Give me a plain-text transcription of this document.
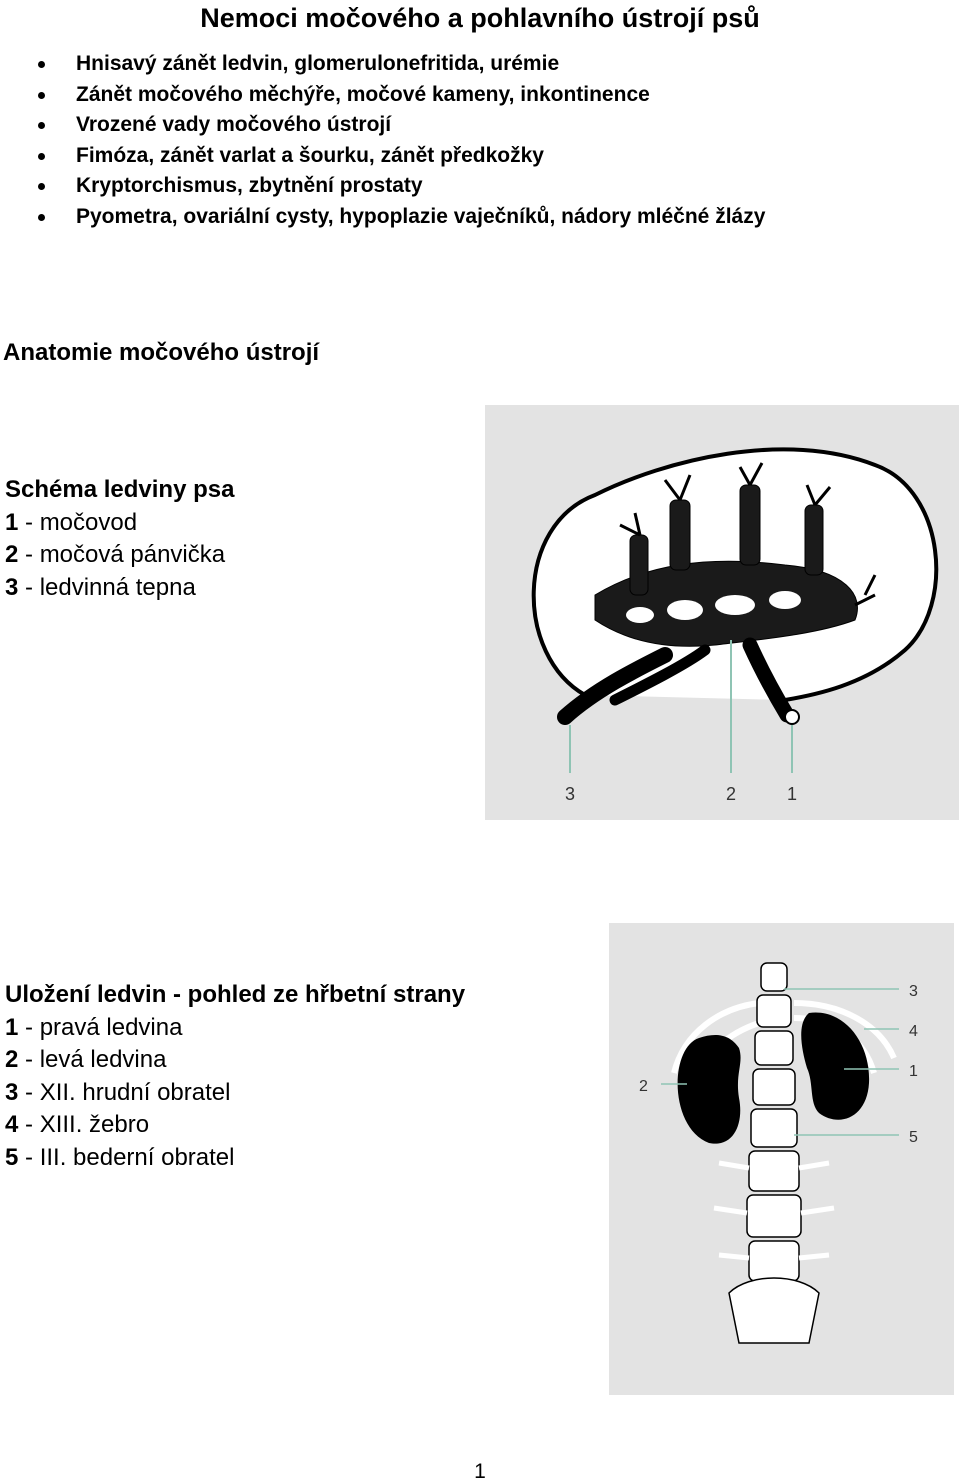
Nemoci močového a pohlavního ústrojí psů
Hnisavý zánět ledvin, glomerulonefritida, urémie
Zánět močového měchýře, močové kameny, inkontinence
Vrozené vady močového ústrojí
Fimóza, zánět varlat a šourku, zánět předkožky
Kryptorchismus, zbytnění prostaty
Pyometra, ovariální cysty, hypoplazie vaječníků, nádory mléčné žlázy
Anatomie močového ústrojí
Schéma ledviny psa
1 - močovod
2 - močová pánvička
3 - ledvinná tepna
3	2	1
Uložení ledvin - pohled ze hřbetní strany
1 - pravá ledvina
2 - levá ledvina
3 - XII. hrudní obratel
4 - XIII. žebro
5 - III. bederní obratel
3
4
1
2
5
1
